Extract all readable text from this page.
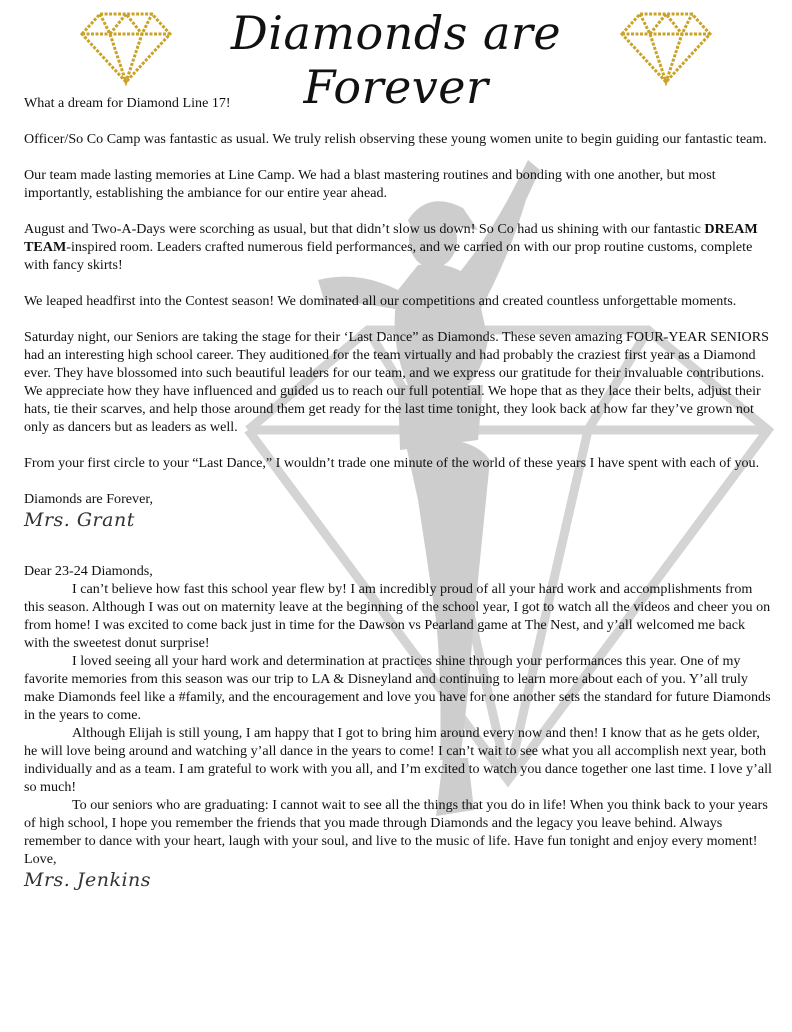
Diamonds are Forever

What a dream for Diamond Line 17!

Officer/So Co Camp was fantastic as usual. We truly relish observing these young women unite to begin guiding our fantastic team.

Our team made lasting memories at Line Camp. We had a blast mastering routines and bonding with one another, but most importantly, establishing the ambiance for our entire year ahead.

August and Two-A-Days were scorching as usual, but that didn’t slow us down! So Co had us shining with our fantastic DREAM TEAM-inspired room. Leaders crafted numerous field performances, and we carried on with our prop routine customs, complete with fancy skirts!

We leaped headfirst into the Contest season! We dominated all our competitions and created countless unforgettable moments.

Saturday night, our Seniors are taking the stage for their ‘Last Dance” as Diamonds. These seven amazing FOUR-YEAR SENIORS had an interesting high school career. They auditioned for the team virtually and had probably the craziest first year as a Diamond ever. They have blossomed into such beautiful leaders for our team, and we express our gratitude for their invaluable contributions. We appreciate how they have influenced and guided us to reach our full potential. We hope that as they lace their belts, adjust their hats, tie their scarves, and help those around them get ready for the last time tonight, they look back at how far they’ve grown not only as dancers but as leaders as well.

From your first circle to your “Last Dance,” I wouldn’t trade one minute of the world of these years I have spent with each of you.

Diamonds are Forever,

Mrs. Grant

Dear 23-24 Diamonds,

I can’t believe how fast this school year flew by! I am incredibly proud of all your hard work and accomplishments from this season. Although I was out on maternity leave at the beginning of the school year, I got to watch all the videos and cheer you on from home! I was excited to come back just in time for the Dawson vs Pearland game at The Nest, and y’all welcomed me back with the sweetest donut surprise!

I loved seeing all your hard work and determination at practices shine through your performances this year. One of my favorite memories from this season was our trip to LA & Disneyland and continuing to learn more about each of you. Y’all truly make Diamonds feel like a #family, and the encouragement and love you have for one another sets the standard for future Diamonds in the years to come.

Although Elijah is still young, I am happy that I got to bring him around every now and then! I know that as he gets older, he will love being around and watching y’all dance in the years to come! I can’t wait to see what you all accomplish next year, both individually and as a team. I am grateful to work with you all, and I’m excited to watch you dance together one last time. I love y’all so much!

To our seniors who are graduating: I cannot wait to see all the things that you do in life! When you think back to your years of high school, I hope you remember the friends that you made through Diamonds and the legacy you leave behind. Always remember to dance with your heart, laugh with your soul, and live to the music of life. Have fun tonight and enjoy every moment!

Love,

Mrs. Jenkins
